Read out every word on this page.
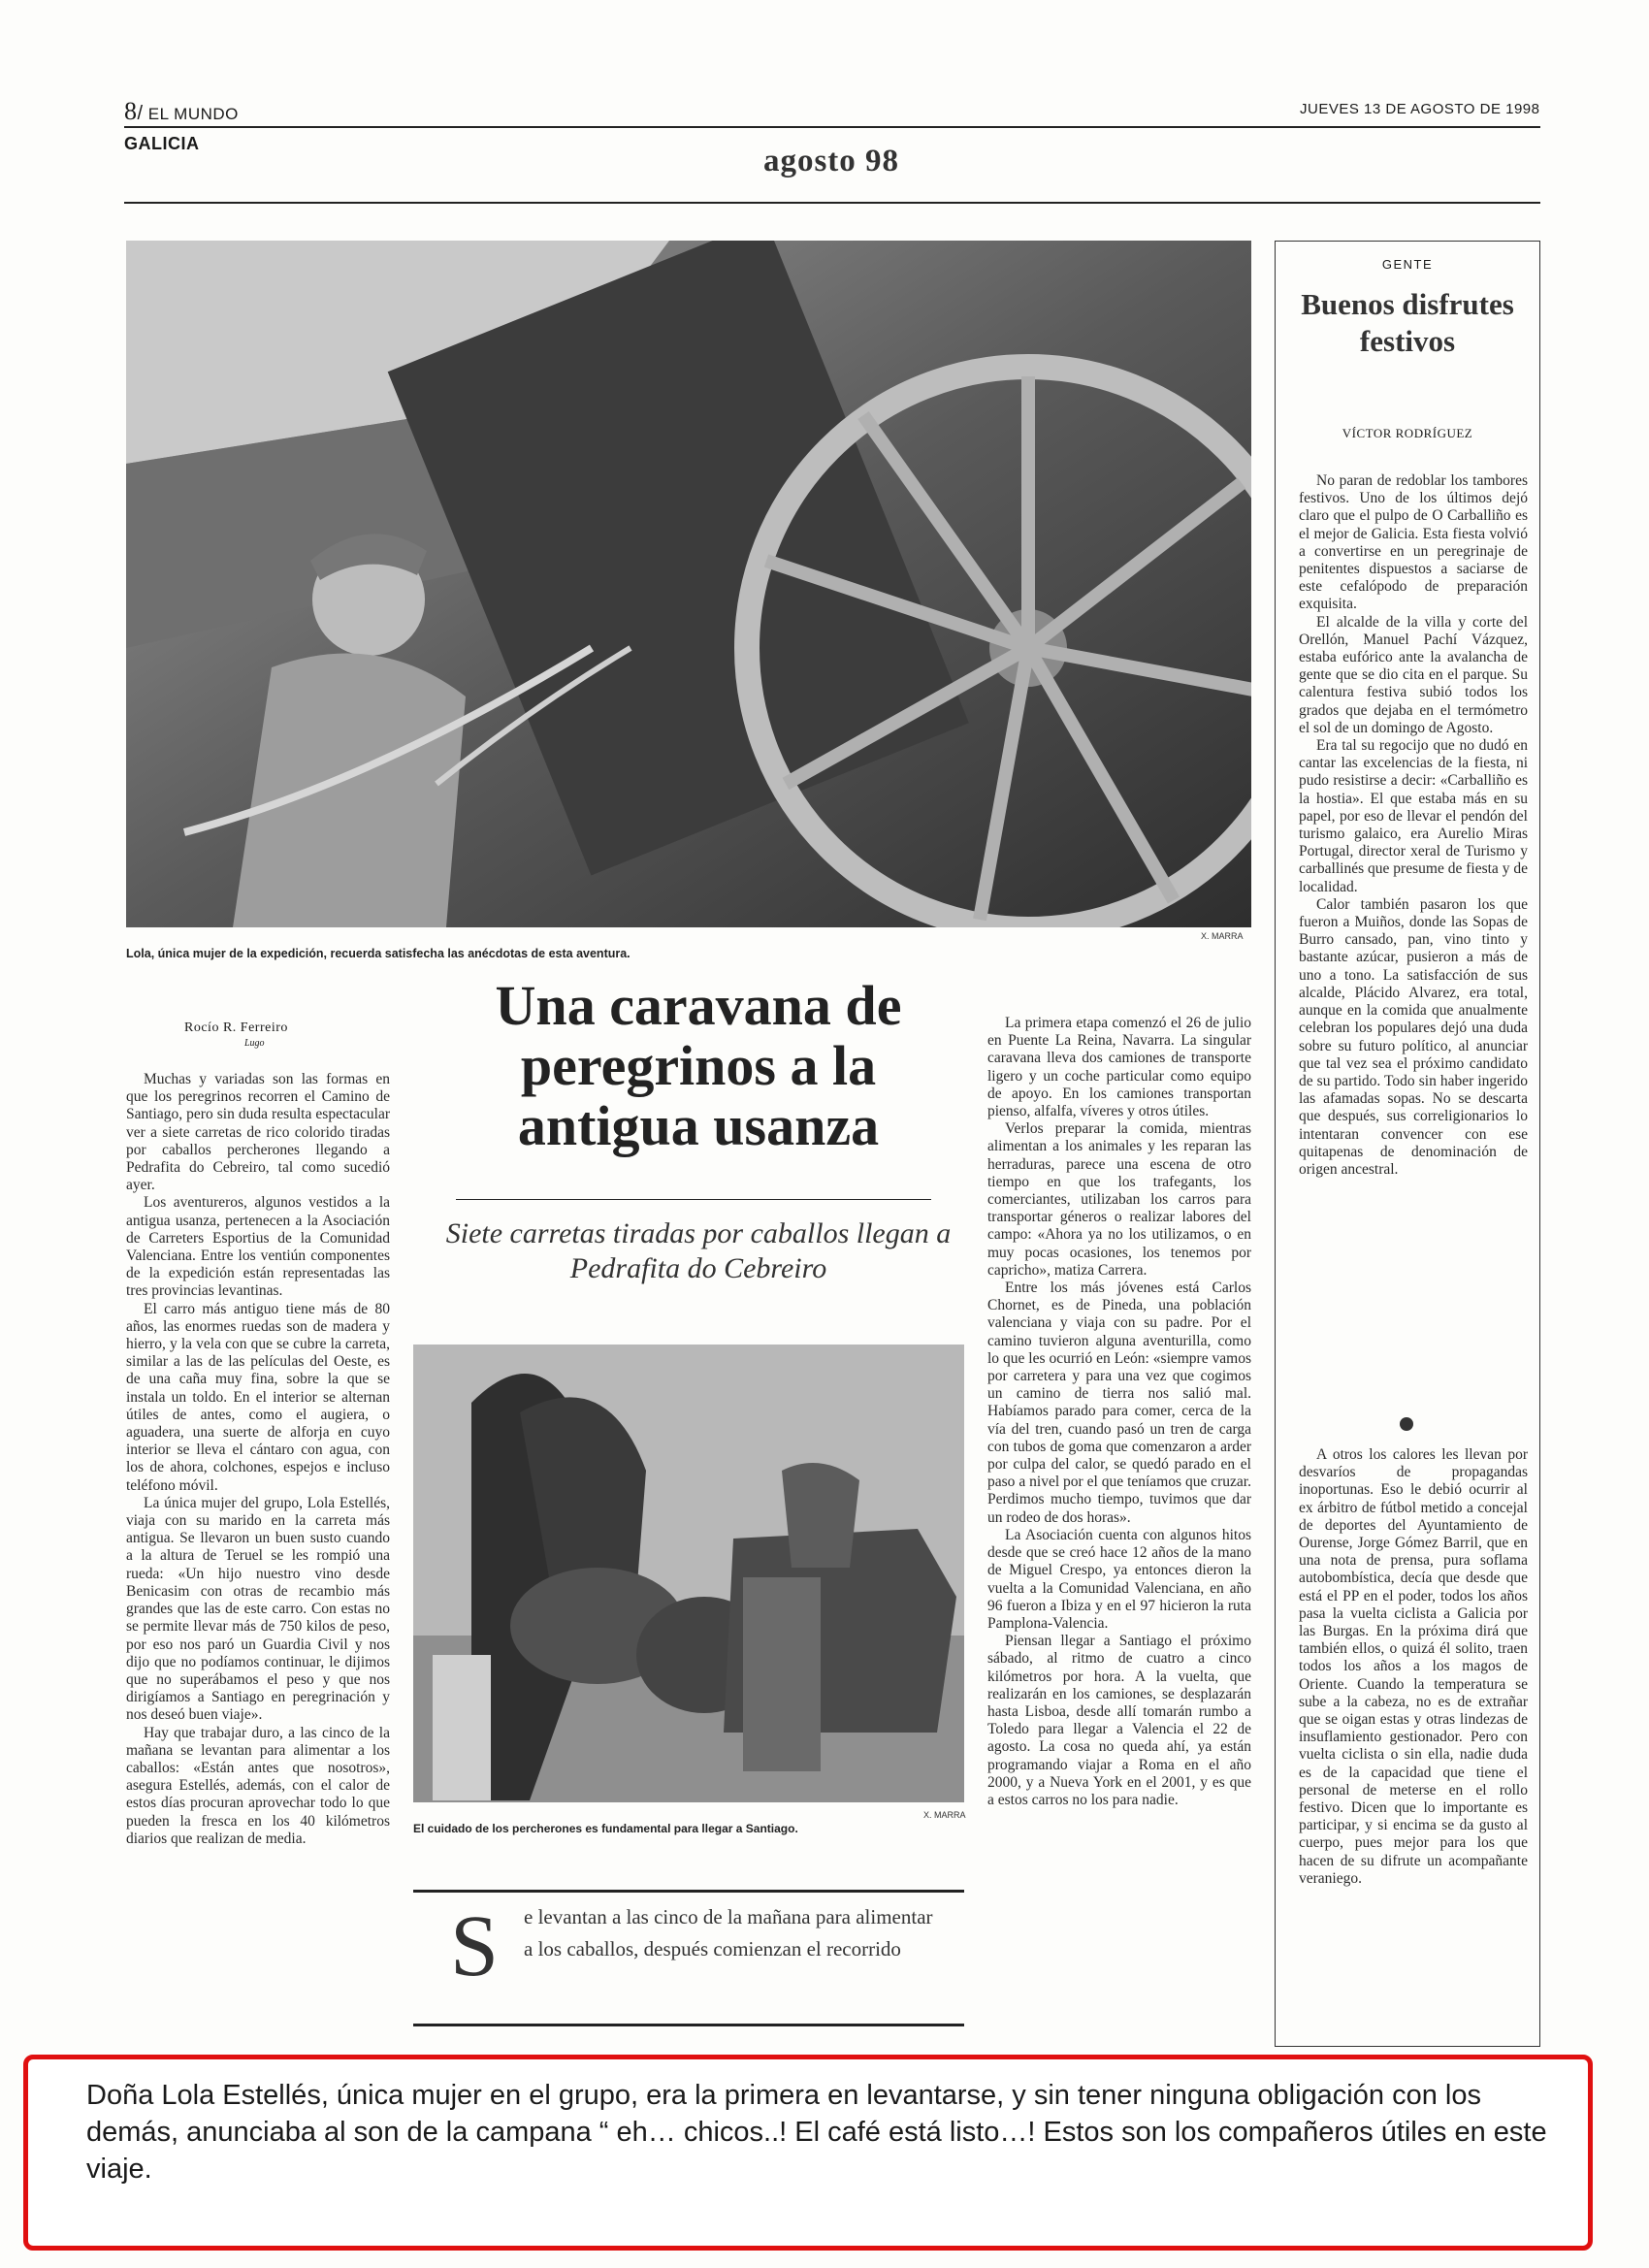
8/ EL MUNDO
GALICIA
JUEVES 13 DE AGOSTO DE 1998
agosto 98
Lola, única mujer de la expedición, recuerda satisfecha las anécdotas de esta aventura.
X. MARRA
Rocío R. Ferreiro
Lugo
Una caravana de peregrinos a la antigua usanza
Siete carretas tiradas por caballos llegan a Pedrafita do Cebreiro

Muchas y variadas son las formas en que los peregrinos recorren el Camino de Santiago, pero sin duda resulta espectacular ver a siete carretas de rico colorido tiradas por caballos percherones llegando a Pedrafita do Cebreiro, tal como sucedió ayer.

Los aventureros, algunos vestidos a la antigua usanza, pertenecen a la Asociación de Carreters Esportius de la Comunidad Valenciana. Entre los ventiún componentes de la expedición están representadas las tres provincias levantinas.

El carro más antiguo tiene más de 80 años, las enormes ruedas son de madera y hierro, y la vela con que se cubre la carreta, similar a las de las películas del Oeste, es de una caña muy fina, sobre la que se instala un toldo. En el interior se alternan útiles de antes, como el augiera, o aguadera, una suerte de alforja en cuyo interior se lleva el cántaro con agua, con los de ahora, colchones, espejos e incluso teléfono móvil.

La única mujer del grupo, Lola Estellés, viaja con su marido en la carreta más antigua. Se llevaron un buen susto cuando a la altura de Teruel se les rompió una rueda: «Un hijo nuestro vino desde Benicasim con otras de recambio más grandes que las de este carro. Con estas no se permite llevar más de 750 kilos de peso, por eso nos paró un Guardia Civil y nos dijo que no podíamos continuar, le dijimos que no superábamos el peso y que nos dirigíamos a Santiago en peregrinación y nos deseó buen viaje».

Hay que trabajar duro, a las cinco de la mañana se levantan para alimentar a los caballos: «Están antes que nosotros», asegura Estellés, además, con el calor de estos días procuran aprovechar todo lo que pueden la fresca en los 40 kilómetros diarios que realizan de media.

El cuidado de los percherones es fundamental para llegar a Santiago.
X. MARRA
S e levantan a las cinco de la mañana para alimentar a los caballos, después comienzan el recorrido

La primera etapa comenzó el 26 de julio en Puente La Reina, Navarra. La singular caravana lleva dos camiones de transporte ligero y un coche particular como equipo de apoyo. En los camiones transportan pienso, alfalfa, víveres y otros útiles.

Verlos preparar la comida, mientras alimentan a los animales y les reparan las herraduras, parece una escena de otro tiempo en que los trafegants, los comerciantes, utilizaban los carros para transportar géneros o realizar labores del campo: «Ahora ya no los utilizamos, o en muy pocas ocasiones, los tenemos por capricho», matiza Carrera.

Entre los más jóvenes está Carlos Chornet, es de Pineda, una población valenciana y viaja con su padre. Por el camino tuvieron alguna aventurilla, como lo que les ocurrió en León: «siempre vamos por carretera y para una vez que cogimos un camino de tierra nos salió mal. Habíamos parado para comer, cerca de la vía del tren, cuando pasó un tren de carga con tubos de goma que comenzaron a arder por culpa del calor, se quedó parado en el paso a nivel por el que teníamos que cruzar. Perdimos mucho tiempo, tuvimos que dar un rodeo de dos horas».

La Asociación cuenta con algunos hitos desde que se creó hace 12 años de la mano de Miguel Crespo, ya entonces dieron la vuelta a la Comunidad Valenciana, en año 96 fueron a Ibiza y en el 97 hicieron la ruta Pamplona-Valencia.

Piensan llegar a Santiago el próximo sábado, al ritmo de cuatro a cinco kilómetros por hora. A la vuelta, que realizarán en los camiones, se desplazarán hasta Lisboa, desde allí tomarán rumbo a Toledo para llegar a Valencia el 22 de agosto. La cosa no queda ahí, ya están programando viajar a Roma en el año 2000, y a Nueva York en el 2001, y es que a estos carros no los para nadie.

GENTE
Buenos disfrutes festivos
VÍCTOR RODRÍGUEZ

No paran de redoblar los tambores festivos. Uno de los últimos dejó claro que el pulpo de O Carballiño es el mejor de Galicia. Esta fiesta volvió a convertirse en un peregrinaje de penitentes dispuestos a saciarse de este cefalópodo de preparación exquisita.

El alcalde de la villa y corte del Orellón, Manuel Pachí Vázquez, estaba eufórico ante la avalancha de gente que se dio cita en el parque. Su calentura festiva subió todos los grados que dejaba en el termómetro el sol de un domingo de Agosto.

Era tal su regocijo que no dudó en cantar las excelencias de la fiesta, ni pudo resistirse a decir: «Carballiño es la hostia». El que estaba más en su papel, por eso de llevar el pendón del turismo galaico, era Aurelio Miras Portugal, director xeral de Turismo y carballinés que presume de fiesta y de localidad.

Calor también pasaron los que fueron a Muiños, donde las Sopas de Burro cansado, pan, vino tinto y bastante azúcar, pusieron a más de uno a tono. La satisfacción de sus alcalde, Plácido Alvarez, era total, aunque en la comida que anualmente celebran los populares dejó una duda sobre su futuro político, al anunciar que tal vez sea el próximo candidato de su partido. Todo sin haber ingerido las afamadas sopas. No se descarta que después, sus correligionarios lo intentaran convencer con ese quitapenas de denominación de origen ancestral.

A otros los calores les llevan por desvaríos de propagandas inoportunas. Eso le debió ocurrir al ex árbitro de fútbol metido a concejal de deportes del Ayuntamiento de Ourense, Jorge Gómez Barril, que en una nota de prensa, pura soflama autobombística, decía que desde que está el PP en el poder, todos los años pasa la vuelta ciclista a Galicia por las Burgas. En la próxima dirá que también ellos, o quizá él solito, traen todos los años a los magos de Oriente. Cuando la temperatura se sube a la cabeza, no es de extrañar que se oigan estas y otras lindezas de insuflamiento gestionador. Pero con vuelta ciclista o sin ella, nadie duda es de la capacidad que tiene el personal de meterse en el rollo festivo. Dicen que lo importante es participar, y si encima se da gusto al cuerpo, pues mejor para los que hacen de su difrute un acompañante veraniego.

Doña Lola Estellés, única mujer en el grupo, era la primera en levantarse, y sin tener ninguna obligación con los demás, anunciaba al son de la campana “ eh… chicos..! El café está listo…! Estos son los compañeros útiles en este viaje.
